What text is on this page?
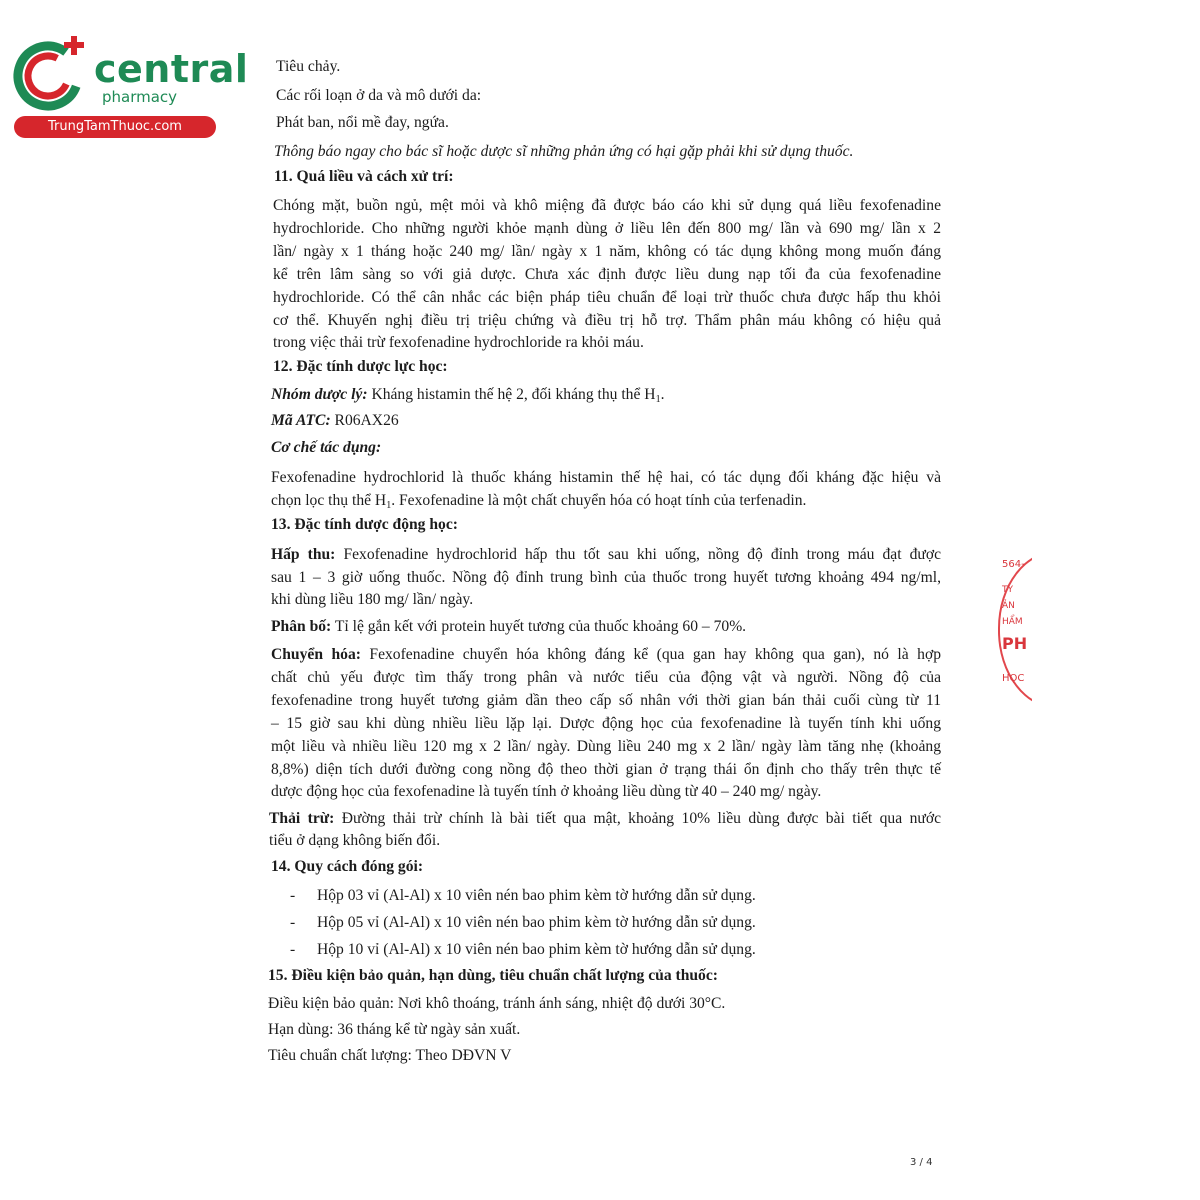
central
pharmacy
TrungTamThuoc.com
Tiêu chảy.
Các rối loạn ở da và mô dưới da:
Phát ban, nổi mề đay, ngứa.
Thông báo ngay cho bác sĩ hoặc dược sĩ những phản ứng có hại gặp phải khi sử dụng thuốc.
11. Quá liều và cách xử trí:
Chóng mặt, buồn ngủ, mệt mỏi và khô miệng đã được báo cáo khi sử dụng quá liều fexofenadine
hydrochloride. Cho những người khỏe mạnh dùng ở liều lên đến 800 mg/ lần và 690 mg/ lần x 2
lần/ ngày x 1 tháng hoặc 240 mg/ lần/ ngày x 1 năm, không có tác dụng không mong muốn đáng
kể trên lâm sàng so với giả dược. Chưa xác định được liều dung nạp tối đa của fexofenadine
hydrochloride. Có thể cân nhắc các biện pháp tiêu chuẩn để loại trừ thuốc chưa được hấp thu khỏi
cơ thể. Khuyến nghị điều trị triệu chứng và điều trị hỗ trợ. Thẩm phân máu không có hiệu quả
trong việc thải trừ fexofenadine hydrochloride ra khỏi máu.
12. Đặc tính dược lực học:
Nhóm dược lý: Kháng histamin thế hệ 2, đối kháng thụ thể $H_1$.
Mã ATC: R06AX26
Cơ chế tác dụng:
Fexofenadine hydrochlorid là thuốc kháng histamin thế hệ hai, có tác dụng đối kháng đặc hiệu và
chọn lọc thụ thể $H_1$. Fexofenadine là một chất chuyển hóa có hoạt tính của terfenadin.
13. Đặc tính dược động học:
Hấp thu: Fexofenadine hydrochlorid hấp thu tốt sau khi uống, nồng độ đỉnh trong máu đạt được
sau 1 – 3 giờ uống thuốc. Nồng độ đỉnh trung bình của thuốc trong huyết tương khoảng 494 ng/ml,
khi dùng liều 180 mg/ lần/ ngày.
Phân bố: Tỉ lệ gắn kết với protein huyết tương của thuốc khoảng 60 – 70%.
Chuyển hóa: Fexofenadine chuyển hóa không đáng kể (qua gan hay không qua gan), nó là hợp
chất chủ yếu được tìm thấy trong phân và nước tiểu của động vật và người. Nồng độ của
fexofenadine trong huyết tương giảm dần theo cấp số nhân với thời gian bán thải cuối cùng từ 11
– 15 giờ sau khi dùng nhiều liều lặp lại. Dược động học của fexofenadine là tuyến tính khi uống
một liều và nhiều liều 120 mg x 2 lần/ ngày. Dùng liều 240 mg x 2 lần/ ngày làm tăng nhẹ (khoảng
8,8%) diện tích dưới đường cong nồng độ theo thời gian ở trạng thái ổn định cho thấy trên thực tế
dược động học của fexofenadine là tuyến tính ở khoảng liều dùng từ 40 – 240 mg/ ngày.
Thải trừ: Đường thải trừ chính là bài tiết qua mật, khoảng 10% liều dùng được bài tiết qua nước
tiểu ở dạng không biến đổi.
14. Quy cách đóng gói:
- Hộp 03 vỉ (Al-Al) x 10 viên nén bao phim kèm tờ hướng dẫn sử dụng.
- Hộp 05 vỉ (Al-Al) x 10 viên nén bao phim kèm tờ hướng dẫn sử dụng.
- Hộp 10 vỉ (Al-Al) x 10 viên nén bao phim kèm tờ hướng dẫn sử dụng.
15. Điều kiện bảo quản, hạn dùng, tiêu chuẩn chất lượng của thuốc:
Điều kiện bảo quản: Nơi khô thoáng, tránh ánh sáng, nhiệt độ dưới 30°C.
Hạn dùng: 36 tháng kể từ ngày sản xuất.
Tiêu chuẩn chất lượng: Theo DĐVN V
564-
TY
ẢN
HẨM
PH
HỌC
3 / 4
